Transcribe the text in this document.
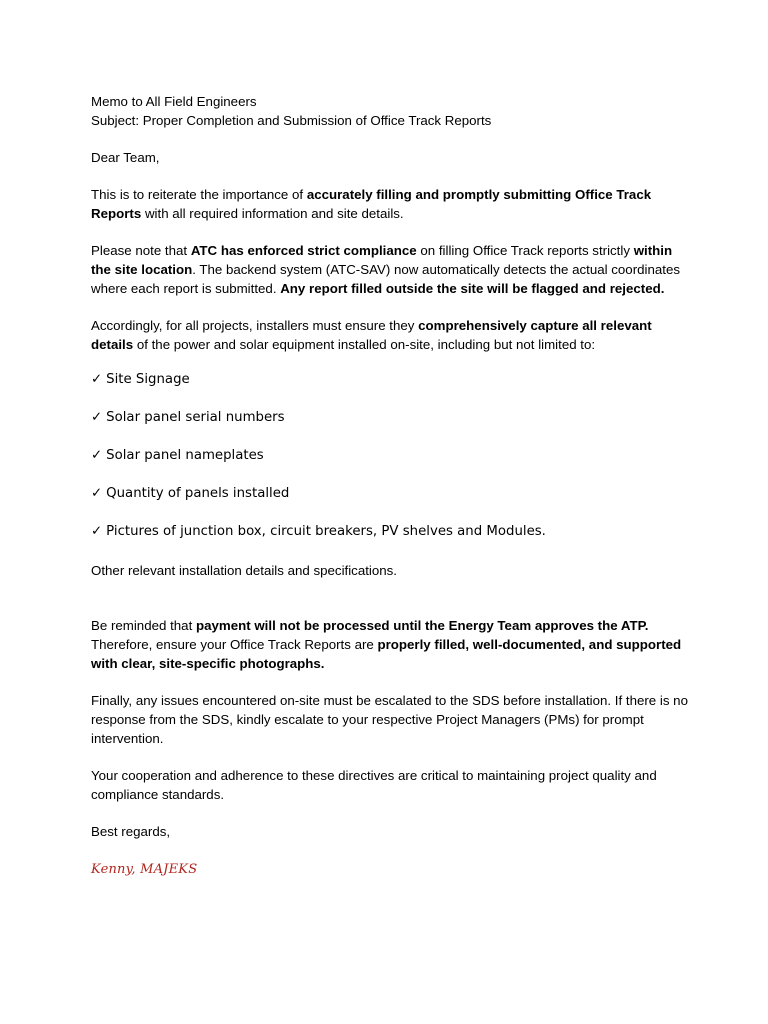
Memo to All Field Engineers

Subject: Proper Completion and Submission of Office Track Reports

Dear Team,

This is to reiterate the importance of accurately filling and promptly submitting Office Track Reports with all required information and site details.

Please note that ATC has enforced strict compliance on filling Office Track reports strictly within the site location. The backend system (ATC-SAV) now automatically detects the actual coordinates where each report is submitted. Any report filled outside the site will be flagged and rejected.

Accordingly, for all projects, installers must ensure they comprehensively capture all relevant details of the power and solar equipment installed on-site, including but not limited to:

✓ Site Signage
✓ Solar panel serial numbers
✓ Solar panel nameplates
✓ Quantity of panels installed
✓ Pictures of junction box, circuit breakers, PV shelves and Modules.

Other relevant installation details and specifications.

Be reminded that payment will not be processed until the Energy Team approves the ATP. Therefore, ensure your Office Track Reports are properly filled, well-documented, and supported with clear, site-specific photographs.

Finally, any issues encountered on-site must be escalated to the SDS before installation. If there is no response from the SDS, kindly escalate to your respective Project Managers (PMs) for prompt intervention.

Your cooperation and adherence to these directives are critical to maintaining project quality and compliance standards.

Best regards,

Kenny, MAJEKS
